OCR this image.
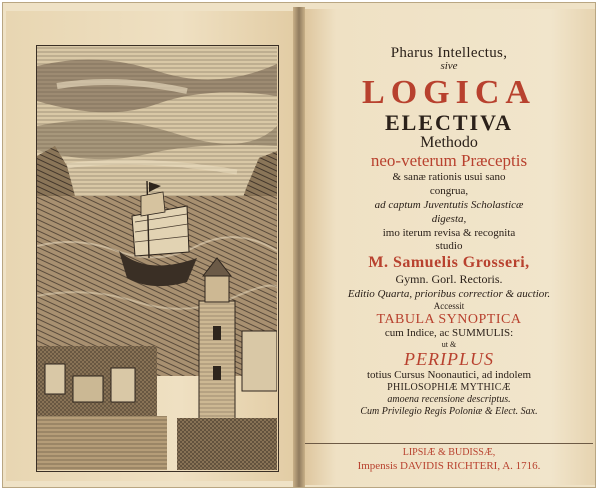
Pharus Intellectus,
sive
LOGICA
ELECTIVA
Methodo
neo-veterum Præceptis
& sanæ rationis usui sano
congrua,
ad captum Juventutis Scholasticæ
digesta,
imo iterum revisa & recognita
studio
M. Samuelis Grosseri,
Gymn. Gorl. Rectoris.
Editio Quarta, prioribus correctior & auctior.
Accessit
TABULA SYNOPTICA
cum Indice, ac SUMMULIS:
ut &
PERIPLUS
totius Cursus Noonautici, ad indolem
PHILOSOPHIÆ MYTHICÆ
amoena recensione descriptus.
Cum Privilegio Regis Poloniæ & Elect. Sax.
LIPSIÆ & BUDISSÆ,
Impensis DAVIDIS RICHTERI, A. 1716.
